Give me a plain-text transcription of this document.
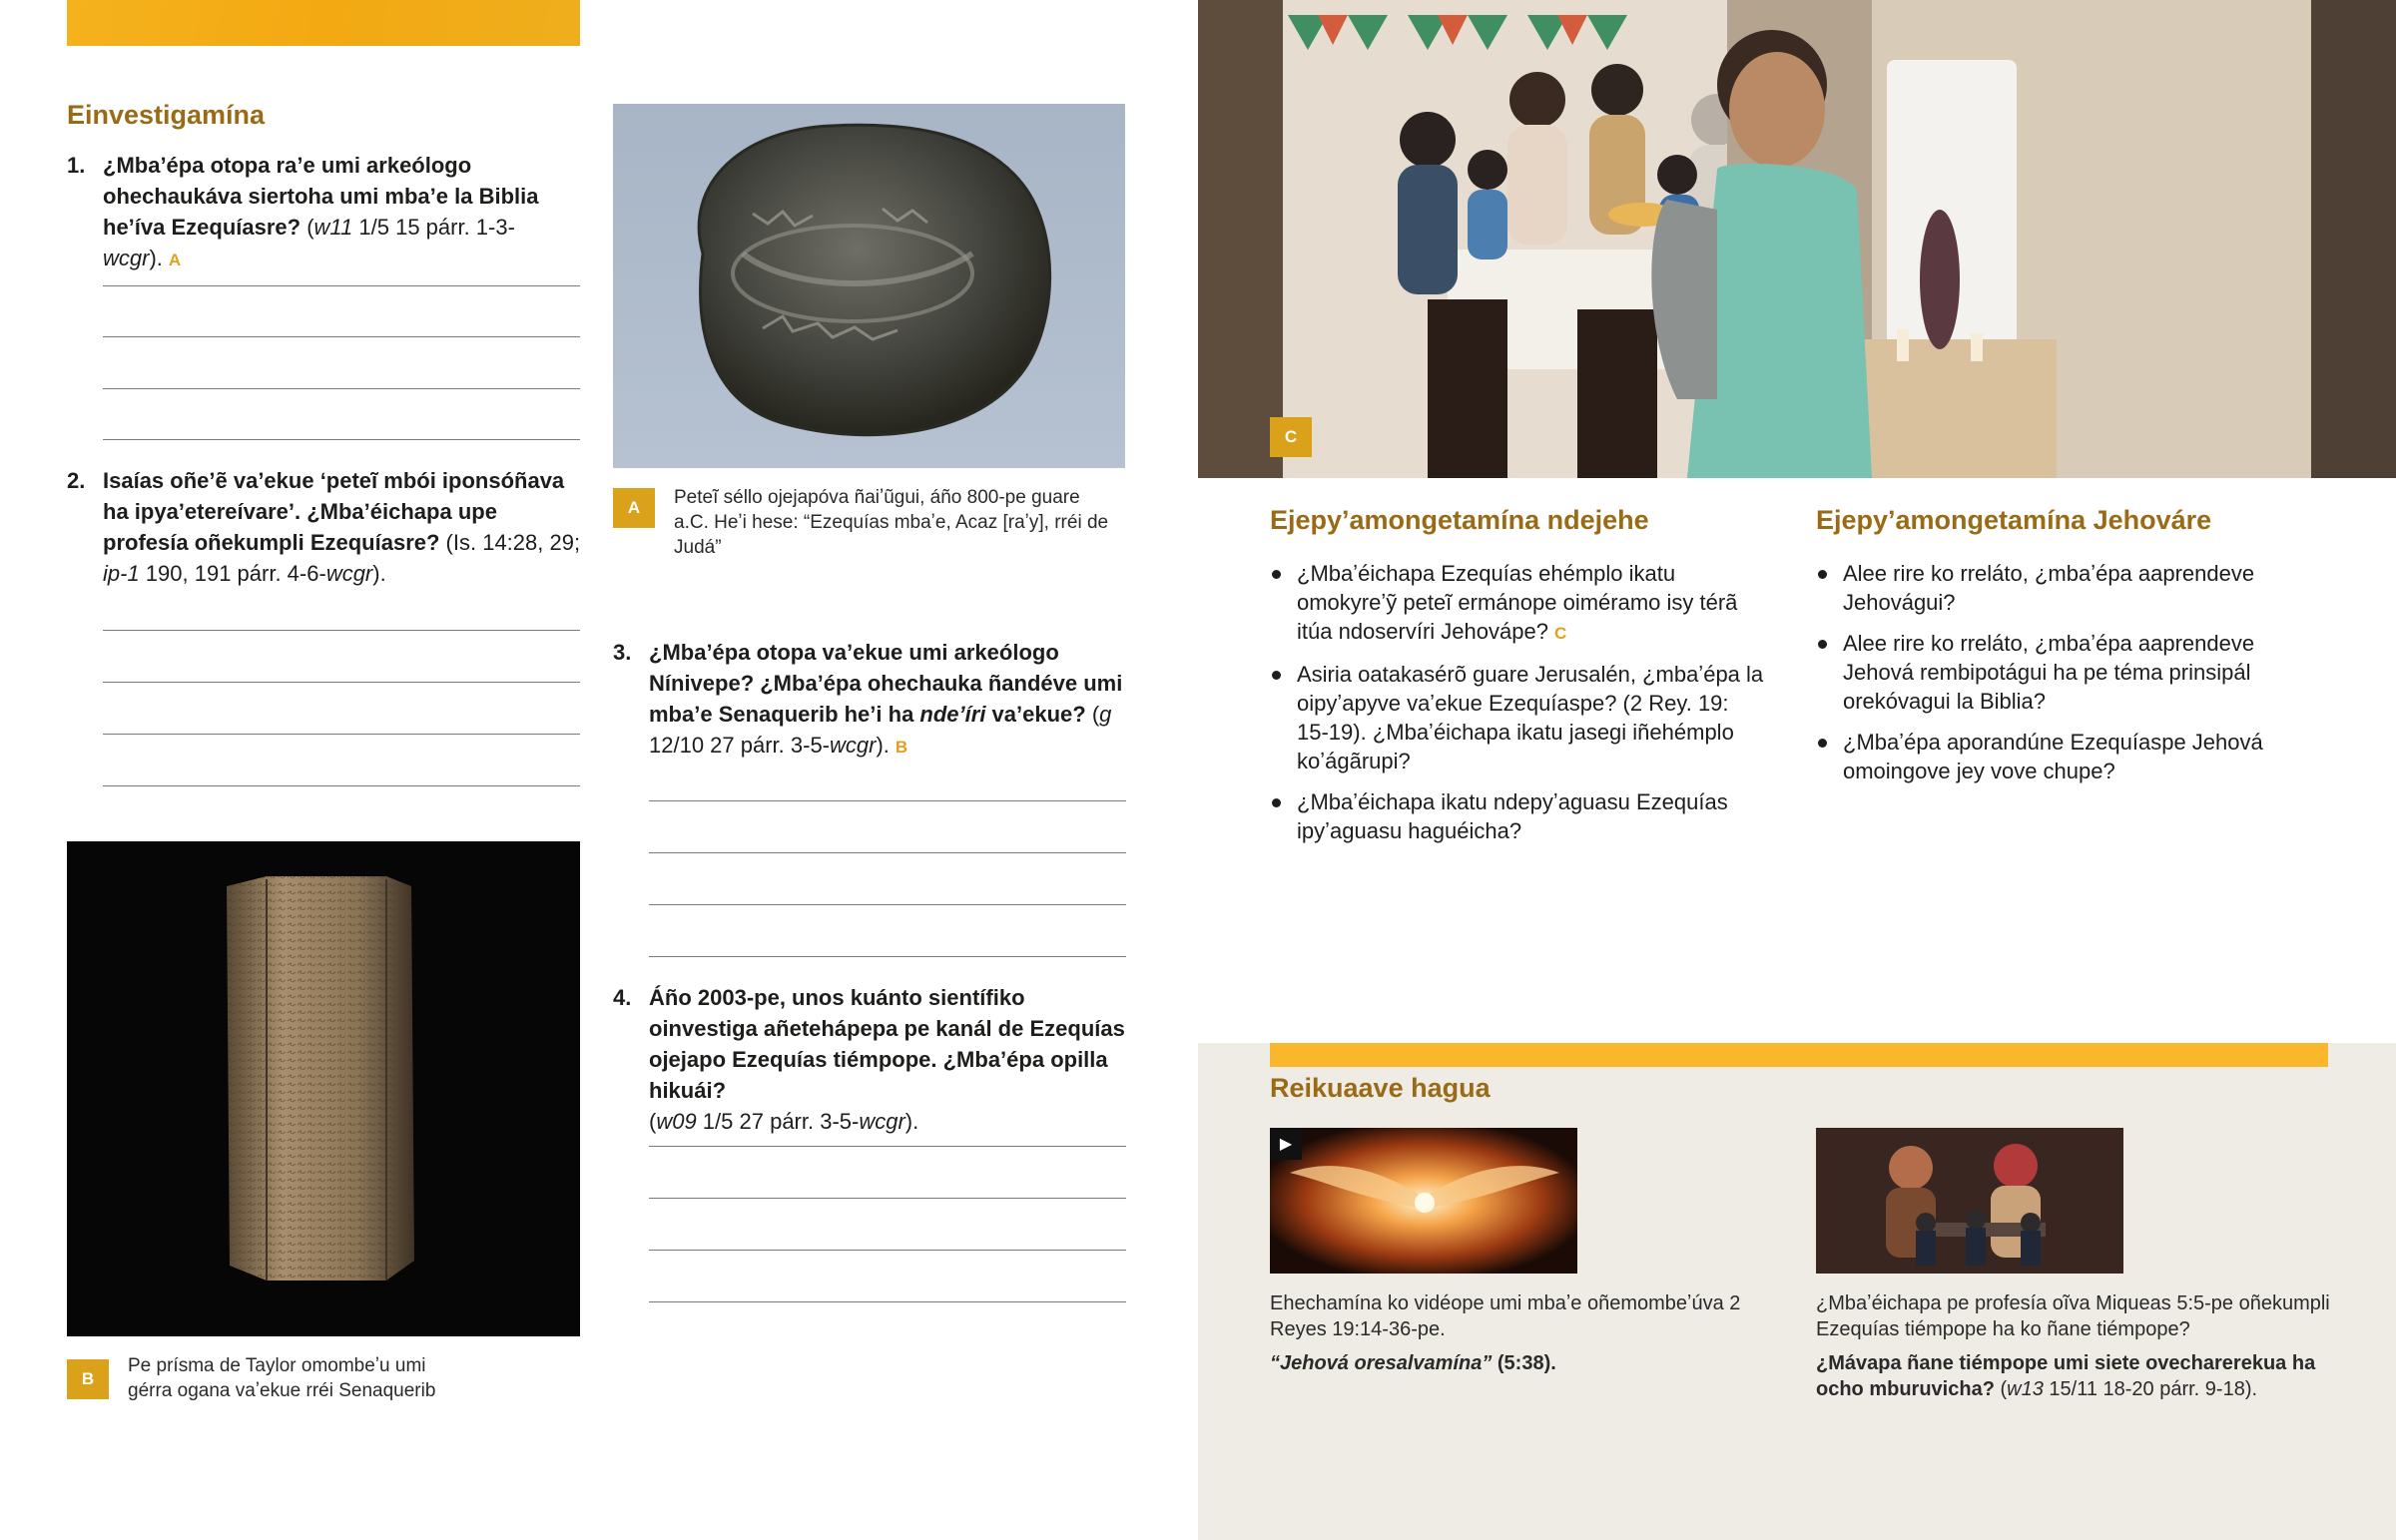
Einvestigamína
1. ¿Mbaʼépa otopa raʼe umi arkeólogo ohechaukáva siertoha umi mbaʼe la Biblia heʼíva Ezequíasre? (w11 1/5 15 párr. 1-3-wcgr). A
2. Isaías oñeʼẽ vaʼekue ʻpeteĩ mbói iponsóñava ha ipyaʼetereívareʼ. ¿Mbaʼéichapa upe profesía oñekumpli Ezequíasre? (Is. 14:28, 29; ip-1 190, 191 párr. 4-6-wcgr).
A	Peteĩ séllo ojejapóva ñaiʼũgui, áño 800-pe guare a.C. Heʼi hese: “Ezequías mbaʼe, Acaz [raʼy], rréi de Judá”
3. ¿Mbaʼépa otopa vaʼekue umi arkeólogo Nínivepe? ¿Mbaʼépa ohechauka ñandéve umi mbaʼe Senaquerib heʼi ha ndeʼíri vaʼekue? (g 12/10 27 párr. 3-5-wcgr). B
4. Áño 2003-pe, unos kuánto sientífiko oinvestiga añetehápepa pe kanál de Ezequías ojejapo Ezequías tiémpope. ¿Mbaʼépa opilla hikuái?
(w09 1/5 27 párr. 3-5-wcgr).
B
Pe prísma de Taylor omombeʼu umi gérra ogana vaʼekue rréi Senaquerib
C
Ejepyʼamongetamína ndejehe
¿Mbaʼéichapa Ezequías ehémplo ikatu omokyreʼỹ peteĩ ermánope oiméramo isy térã itúa ndoservíri Jehovápe? C
Asiria oatakasérõ guare Jerusalén, ¿mbaʼépa la oipyʼapyve vaʼekue Ezequíaspe? (2 Rey. 19: 15-19). ¿Mbaʼéichapa ikatu jasegi iñehémplo koʼágãrupi?
¿Mbaʼéichapa ikatu ndepyʼaguasu Ezequías ipyʼaguasu haguéicha?
Ejepyʼamongetamína Jehováre
Alee rire ko rreláto, ¿mbaʼépa aaprendeve Jehovágui?
Alee rire ko rreláto, ¿mbaʼépa aaprendeve Jehová rembipotágui ha pe téma prinsipál orekóvagui la Biblia?
¿Mbaʼépa aporandúne Ezequíaspe Jehová omoingove jey vove chupe?
Reikuaave hagua
▶
Ehechamína ko vidéope umi mbaʼe oñemombeʼúva 2 Reyes 19:14-36-pe.
“Jehová oresalvamína” (5:38).
¿Mbaʼéichapa pe profesía oĩva Miqueas 5:5-pe oñekumpli Ezequías tiémpope ha ko ñane tiémpope?
¿Mávapa ñane tiémpope umi siete ovecharerekua ha ocho mburuvicha? (w13 15/11 18-20 párr. 9-18).
